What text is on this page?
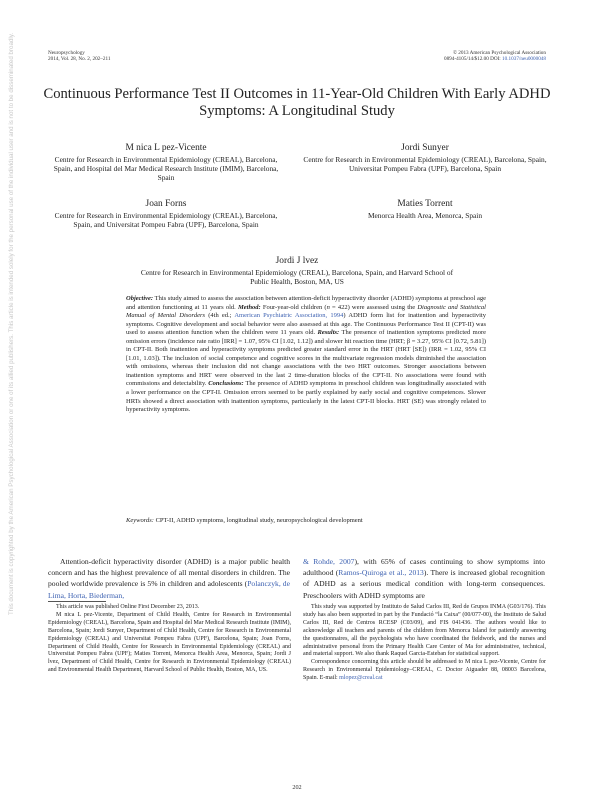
Neuropsychology
2014, Vol. 28, No. 2, 202–211
© 2013 American Psychological Association
0894-4105/14/$12.00 DOI: 10.1037/neu0000048
Continuous Performance Test II Outcomes in 11-Year-Old Children With Early ADHD Symptoms: A Longitudinal Study
M nica L pez-Vicente
Centre for Research in Environmental Epidemiology (CREAL), Barcelona, Spain, and Hospital del Mar Medical Research Institute (IMIM), Barcelona, Spain
Jordi Sunyer
Centre for Research in Environmental Epidemiology (CREAL), Barcelona, Spain, Universitat Pompeu Fabra (UPF), Barcelona, Spain
Joan Forns
Centre for Research in Environmental Epidemiology (CREAL), Barcelona, Spain, and Universitat Pompeu Fabra (UPF), Barcelona, Spain
Maties Torrent
Menorca Health Area, Menorca, Spain
Jordi J lvez
Centre for Research in Environmental Epidemiology (CREAL), Barcelona, Spain, and Harvard School of Public Health, Boston, MA, US
Objective: This study aimed to assess the association between attention-deficit hyperactivity disorder (ADHD) symptoms at preschool age and attention functioning at 11 years old. Method: Four-year-old children (n = 422) were assessed using the Diagnostic and Statistical Manual of Mental Disorders (4th ed.; American Psychiatric Association, 1994) ADHD form list for inattention and hyperactivity symptoms. Cognitive development and social behavior were also assessed at this age. The Continuous Performance Test II (CPT-II) was used to assess attention function when the children were 11 years old. Results: The presence of inattention symptoms predicted more omission errors (incidence rate ratio [IRR] = 1.07, 95% CI [1.02, 1.12]) and slower hit reaction time (HRT; β = 3.27, 95% CI [0.72, 5.81]) in CPT-II. Both inattention and hyperactivity symptoms predicted greater standard error in the HRT (HRT [SE]) (IRR = 1.02, 95% CI [1.01, 1.03]). The inclusion of social competence and cognitive scores in the multivariate regression models diminished the association with omissions, whereas their inclusion did not change associations with the two HRT outcomes. Stronger associations between inattention symptoms and HRT were observed in the last 2 time-duration blocks of the CPT-II. No associations were found with commissions and detectability. Conclusions: The presence of ADHD symptoms in preschool children was longitudinally associated with a lower performance on the CPT-II. Omission errors seemed to be partly explained by early social and cognitive competences. Slower HRTs showed a direct association with inattention symptoms, particularly in the latest CPT-II blocks. HRT (SE) was strongly related to hyperactivity symptoms.
Keywords: CPT-II, ADHD symptoms, longitudinal study, neuropsychological development
Attention-deficit hyperactivity disorder (ADHD) is a major public health concern and has the highest prevalence of all mental disorders in children. The pooled worldwide prevalence is 5% in children and adolescents (Polanczyk, de Lima, Horta, Biederman,
& Rohde, 2007), with 65% of cases continuing to show symptoms into adulthood (Ramos-Quiroga et al., 2013). There is increased global recognition of ADHD as a serious medical condition with long-term consequences. Preschoolers with ADHD symptoms are

This article was published Online First December 23, 2013.

M nica L pez-Vicente, Department of Child Health, Centre for Research in Environmental Epidemiology (CREAL), Barcelona, Spain and Hospital del Mar Medical Research Institute (IMIM), Barcelona, Spain; Jordi Sunyer, Department of Child Health, Centre for Research in Environmental Epidemiology (CREAL) and Universitat Pompeu Fabra (UPF), Barcelona, Spain; Joan Forns, Department of Child Health, Centre for Research in Environmental Epidemiology (CREAL) and Universitat Pompeu Fabra (UPF); Maties Torrent, Menorca Health Area, Menorca, Spain; Jordi J lvez, Department of Child Health, Centre for Research in Environmental Epidemiology (CREAL) and Environmental Health Department, Harvard School of Public Health, Boston, MA, US.

This study was supported by Instituto de Salud Carlos III, Red de Grupos INMA (G03/176). This study has also been supported in part by the Fundació “la Caixa” (00/077-00), the Instituto de Salud Carlos III, Red de Centros RCESP (C03/09), and FIS 041436. The authors would like to acknowledge all teachers and parents of the children from Menorca Island for patiently answering the questionnaires, all the psychologists who have coordinated the fieldwork, and the nurses and administrative personal from the Primary Health Care Center of Ma for administrative, technical, and material support. We also thank Raquel Garcia-Esteban for statistical support.

Correspondence concerning this article should be addressed to M nica L pez-Vicente, Centre for Research in Environmental Epidemiology–CREAL, C. Doctor Aiguader 88, 08003 Barcelona, Spain. E-mail: mlopez@creal.cat

202
This document is copyrighted by the American Psychological Association or one of its allied publishers. This article is intended solely for the personal use of the individual user and is not to be disseminated broadly.
